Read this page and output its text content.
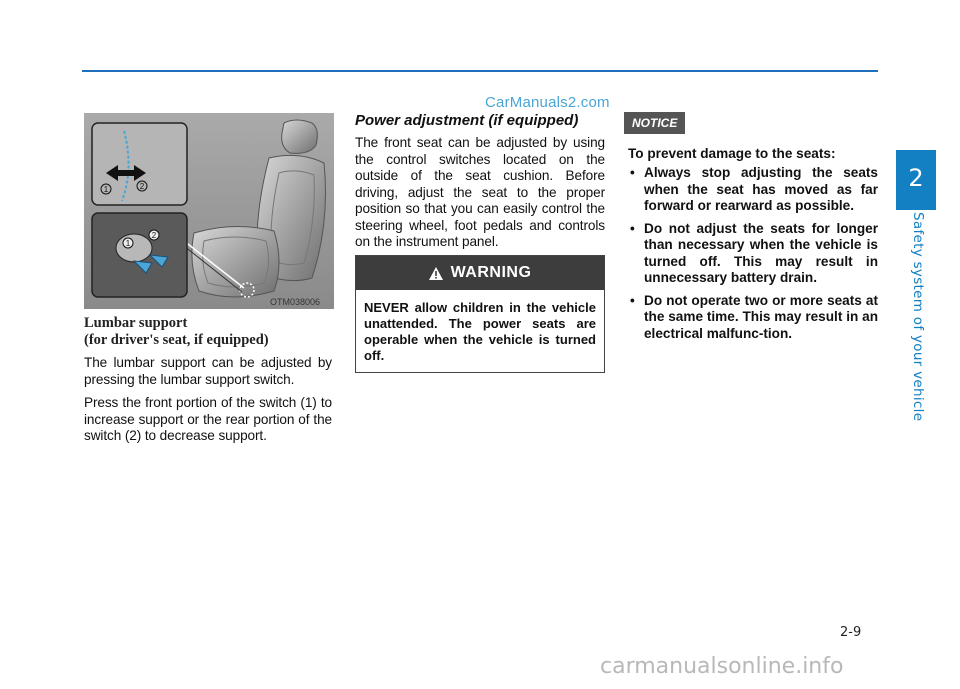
CarManuals2.com
2
Safety system of your vehicle
1	2
1
2
OTM038006
Lumbar support
(for driver's seat, if equipped)

The lumbar support can be adjusted by pressing the lumbar support switch.

Press the front portion of the switch (1) to increase support or the rear portion of the switch (2) to decrease support.

Power adjustment (if equipped)

The front seat can be adjusted by using the control switches located on the outside of the seat cushion. Before driving, adjust the seat to the proper position so that you can easily control the steering wheel, foot pedals and controls on the instrument panel.

WARNING
NEVER allow children in the vehicle unattended. The power seats are operable when the vehicle is turned off.
NOTICE
To prevent damage to the seats:
• Always stop adjusting the seats when the seat has moved as far forward or rearward as possible.
• Do not adjust the seats for longer than necessary when the vehicle is turned off. This may result in unnecessary battery drain.
• Do not operate two or more seats at the same time. This may result in an electrical malfunc-tion.
2-9
carmanualsonline.info
